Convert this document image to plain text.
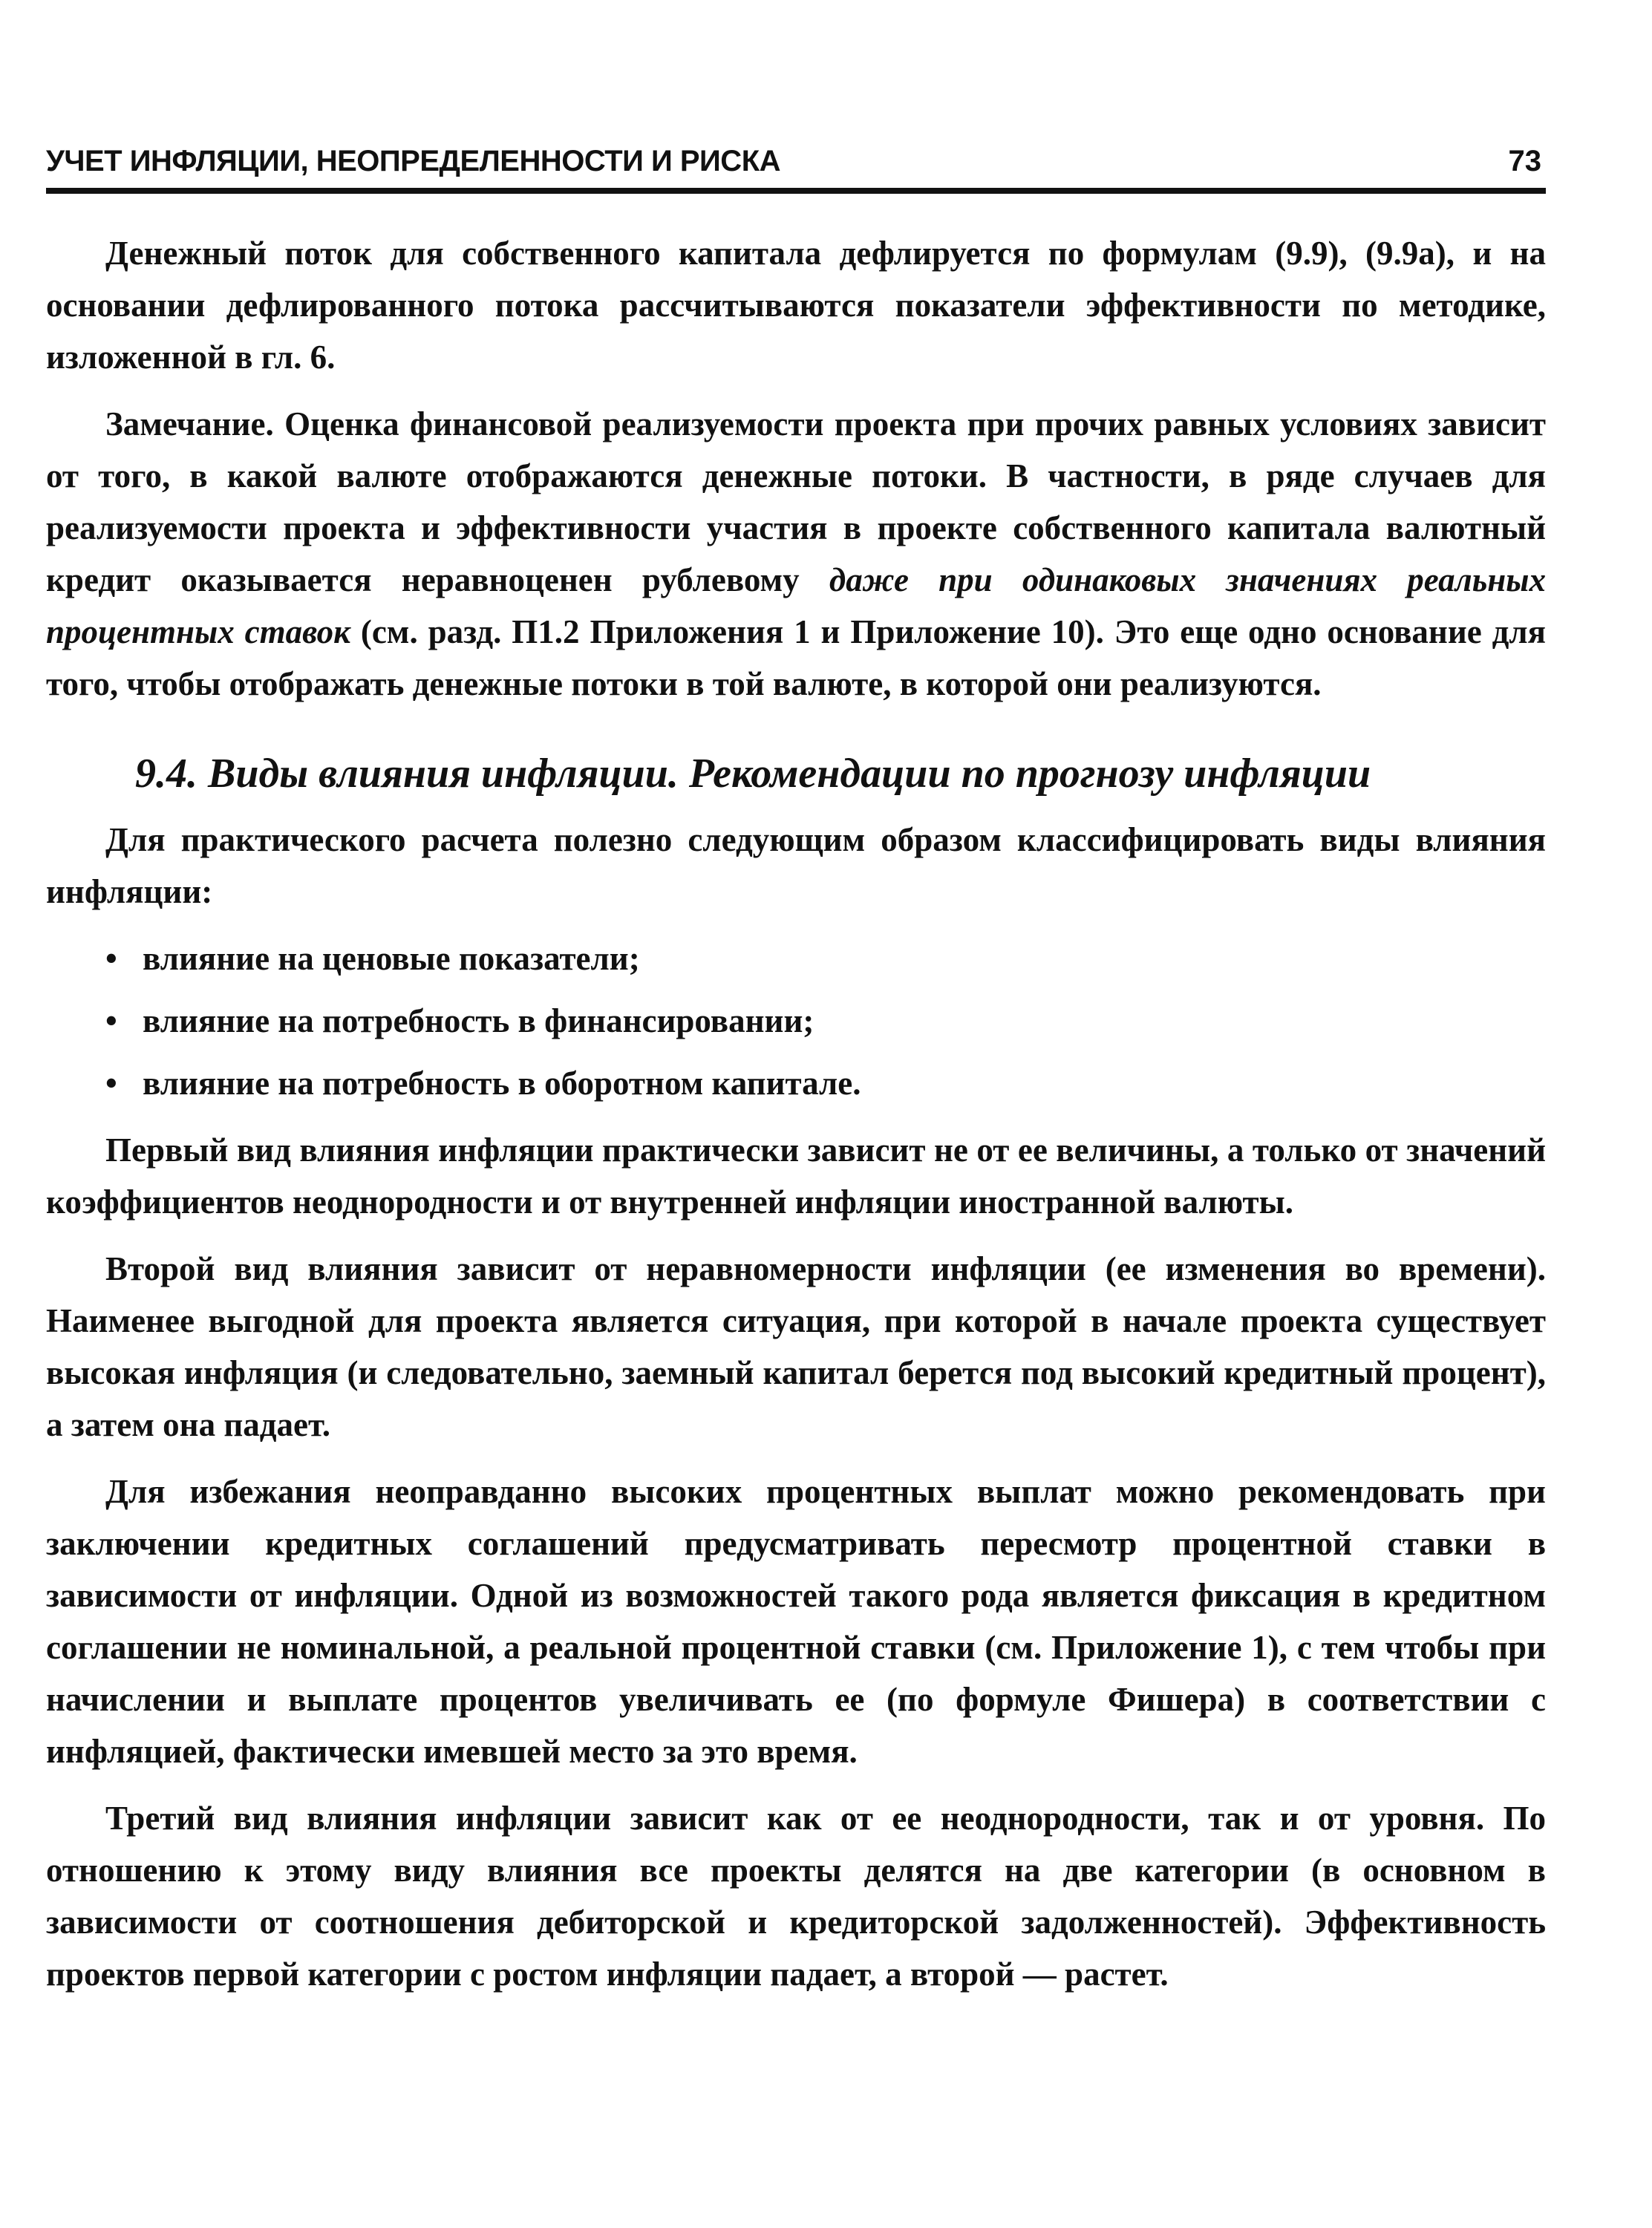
УЧЕТ ИНФЛЯЦИИ, НЕОПРЕДЕЛЕННОСТИ И РИСКА	73

Денежный поток для собственного капитала дефлируется по формулам (9.9), (9.9а), и на основании дефлированного потока рассчитываются показатели эффективности по методике, изложенной в гл. 6.

Замечание. Оценка финансовой реализуемости проекта при прочих равных условиях зависит от того, в какой валюте отображаются денежные потоки. В частности, в ряде случаев для реализуемости проекта и эффективности участия в проекте собственного капитала валютный кредит оказывается неравноценен рублевому даже при одинаковых значениях реальных процентных ставок (см. разд. П1.2 Приложения 1 и Приложение 10). Это еще одно основание для того, чтобы отображать денежные потоки в той валюте, в которой они реализуются.

9.4. Виды влияния инфляции. Рекомендации по прогнозу инфляции

Для практического расчета полезно следующим образом классифицировать виды влияния инфляции:

• влияние на ценовые показатели;
• влияние на потребность в финансировании;
• влияние на потребность в оборотном капитале.

Первый вид влияния инфляции практически зависит не от ее величины, а только от значений коэффициентов неоднородности и от внутренней инфляции иностранной валюты.

Второй вид влияния зависит от неравномерности инфляции (ее изменения во времени). Наименее выгодной для проекта является ситуация, при которой в начале проекта существует высокая инфляция (и следовательно, заемный капитал берется под высокий кредитный процент), а затем она падает.

Для избежания неоправданно высоких процентных выплат можно рекомендовать при заключении кредитных соглашений предусматривать пересмотр процентной ставки в зависимости от инфляции. Одной из возможностей такого рода является фиксация в кредитном соглашении не номинальной, а реальной процентной ставки (см. Приложение 1), с тем чтобы при начислении и выплате процентов увеличивать ее (по формуле Фишера) в соответствии с инфляцией, фактически имевшей место за это время.

Третий вид влияния инфляции зависит как от ее неоднородности, так и от уровня. По отношению к этому виду влияния все проекты делятся на две категории (в основном в зависимости от соотношения дебиторской и кредиторской задолженностей). Эффективность проектов первой категории с ростом инфляции падает, а второй — растет.
